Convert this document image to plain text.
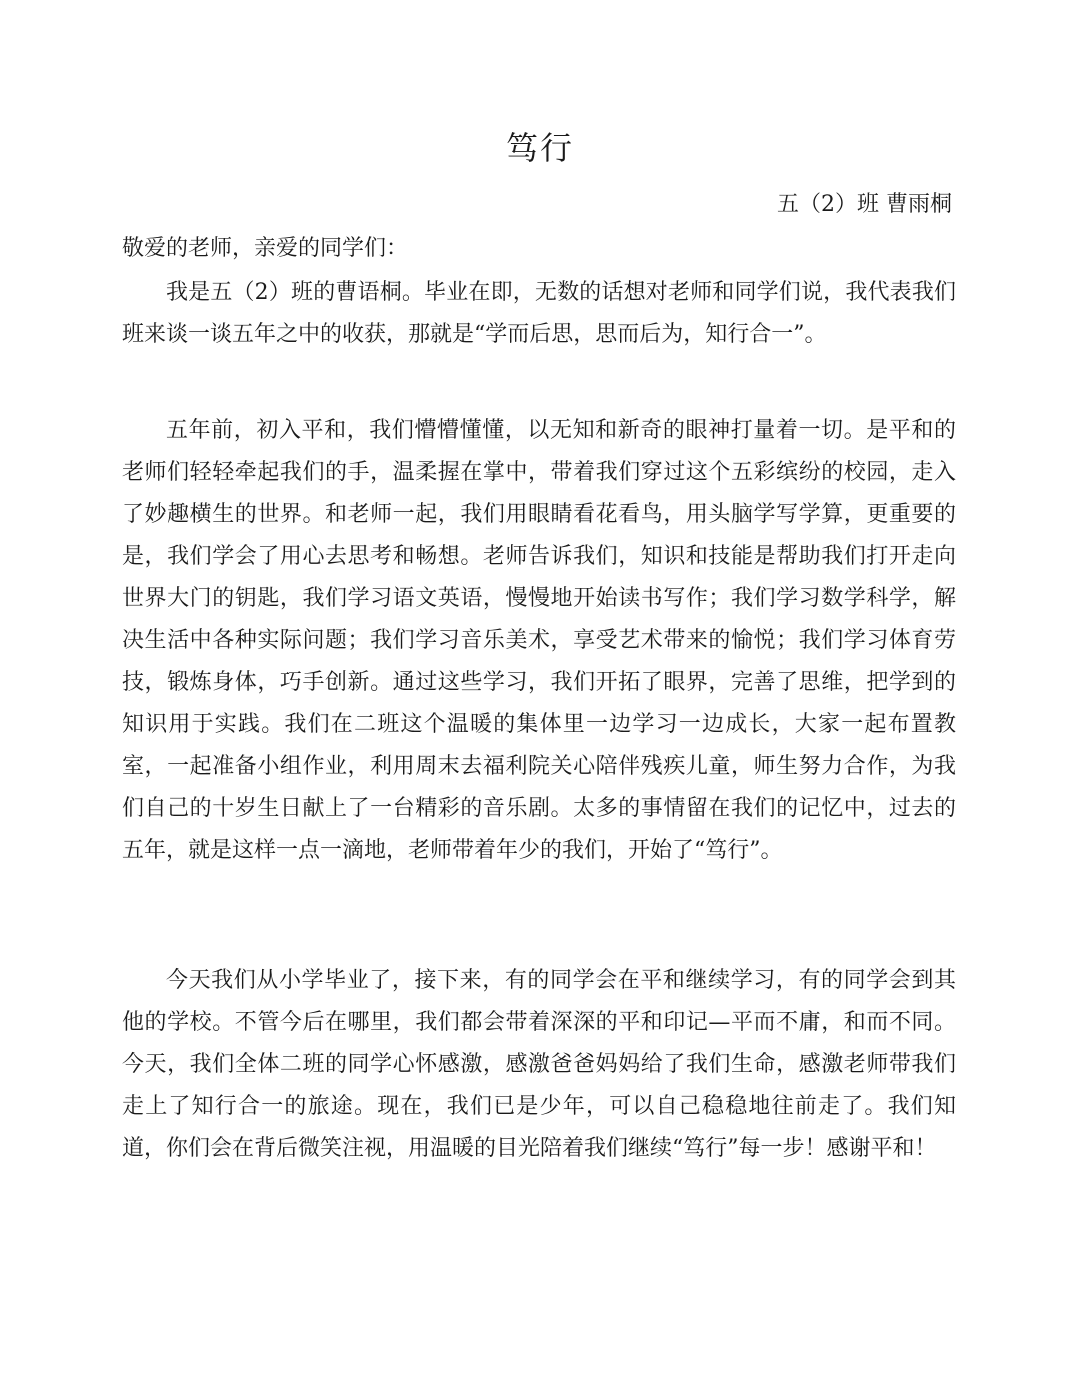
笃行

五（2）班 曹雨桐

敬爱的老师，亲爱的同学们：

我是五（2）班的曹语桐。毕业在即，无数的话想对老师和同学们说，我代表我们班来谈一谈五年之中的收获，那就是“学而后思，思而后为，知行合一”。

五年前，初入平和，我们懵懵懂懂，以无知和新奇的眼神打量着一切。是平和的老师们轻轻牵起我们的手，温柔握在掌中，带着我们穿过这个五彩缤纷的校园，走入了妙趣横生的世界。和老师一起，我们用眼睛看花看鸟，用头脑学写学算，更重要的是，我们学会了用心去思考和畅想。老师告诉我们，知识和技能是帮助我们打开走向世界大门的钥匙，我们学习语文英语，慢慢地开始读书写作；我们学习数学科学，解决生活中各种实际问题；我们学习音乐美术，享受艺术带来的愉悦；我们学习体育劳技，锻炼身体，巧手创新。通过这些学习，我们开拓了眼界，完善了思维，把学到的知识用于实践。我们在二班这个温暖的集体里一边学习一边成长，大家一起布置教室，一起准备小组作业，利用周末去福利院关心陪伴残疾儿童，师生努力合作，为我们自己的十岁生日献上了一台精彩的音乐剧。太多的事情留在我们的记忆中，过去的五年，就是这样一点一滴地，老师带着年少的我们，开始了“笃行”。

今天我们从小学毕业了，接下来，有的同学会在平和继续学习，有的同学会到其他的学校。不管今后在哪里，我们都会带着深深的平和印记—平而不庸，和而不同。今天，我们全体二班的同学心怀感激，感激爸爸妈妈给了我们生命，感激老师带我们走上了知行合一的旅途。现在，我们已是少年，可以自己稳稳地往前走了。我们知道，你们会在背后微笑注视，用温暖的目光陪着我们继续“笃行”每一步！感谢平和！
